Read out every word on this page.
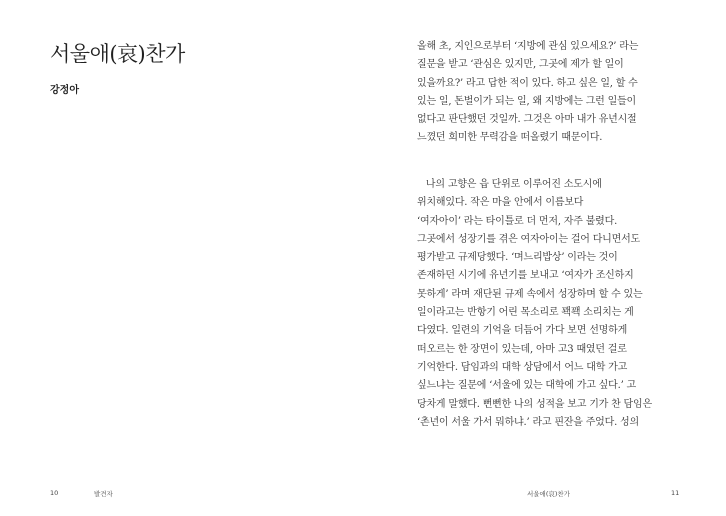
서울애(哀)찬가
강정아
10	발견자
올해 초, 지인으로부터 ‘지방에 관심 있으세요?’ 라는
질문을 받고 ‘관심은 있지만, 그곳에 제가 할 일이
있을까요?’ 라고 답한 적이 있다. 하고 싶은 일, 할 수
있는 일, 돈벌이가 되는 일, 왜 지방에는 그런 일들이
없다고 판단했던 것일까. 그것은 아마 내가 유년시절
느꼈던 희미한 무력감을 떠올렸기 때문이다.
나의 고향은 읍 단위로 이루어진 소도시에
위치해있다. 작은 마을 안에서 이름보다
‘여자아이’ 라는 타이틀로 더 먼저, 자주 불렸다.
그곳에서 성장기를 겪은 여자아이는 걸어 다니면서도
평가받고 규제당했다. ‘며느리밥상’ 이라는 것이
존재하던 시기에 유년기를 보내고 ‘여자가 조신하지
못하게’ 라며 재단된 규제 속에서 성장하며 할 수 있는
일이라고는 반항기 어린 목소리로 꽥꽥 소리치는 게
다였다. 일련의 기억을 더듬어 가다 보면 선명하게
떠오르는 한 장면이 있는데, 아마 고3 때였던 걸로
기억한다. 담임과의 대학 상담에서 어느 대학 가고
싶느냐는 질문에 ‘서울에 있는 대학에 가고 싶다.’ 고
당차게 말했다. 뻔뻔한 나의 성적을 보고 기가 찬 담임은
‘촌년이 서울 가서 뭐하냐.’ 라고 핀잔을 주었다. 성의
서울애(哀)찬가	11
